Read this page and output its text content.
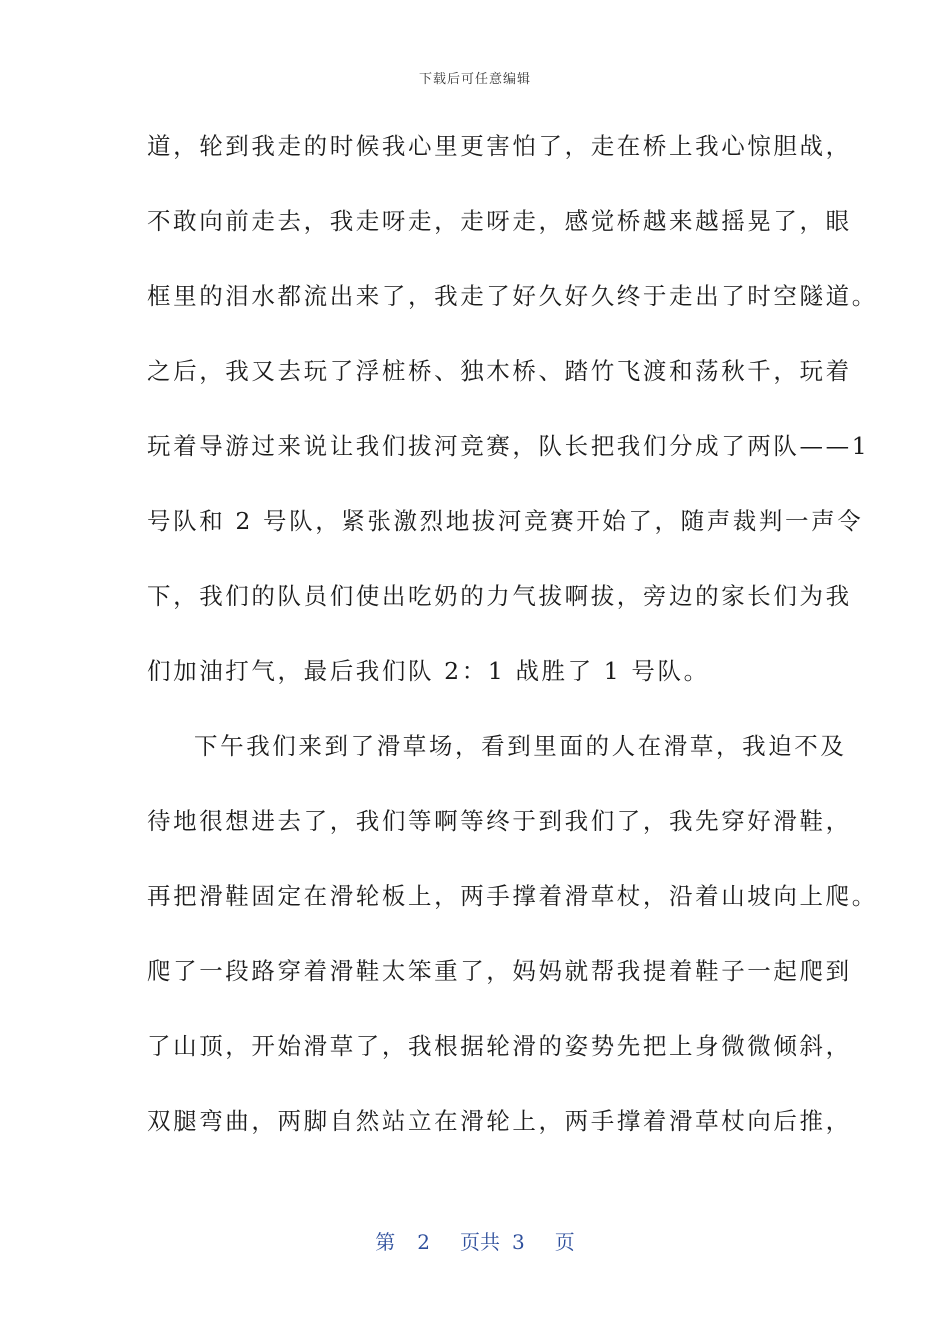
下载后可任意编辑
道，轮到我走的时候我心里更害怕了，走在桥上我心惊胆战，
不敢向前走去，我走呀走，走呀走，感觉桥越来越摇晃了，眼
框里的泪水都流出来了，我走了好久好久终于走出了时空隧道。
之后，我又去玩了浮桩桥、独木桥、踏竹飞渡和荡秋千，玩着
玩着导游过来说让我们拔河竞赛，队长把我们分成了两队——1
号队和 2 号队，紧张激烈地拔河竞赛开始了，随声裁判一声令
下，我们的队员们使出吃奶的力气拔啊拔，旁边的家长们为我
们加油打气，最后我们队 2：1 战胜了 1 号队。
下午我们来到了滑草场，看到里面的人在滑草，我迫不及
待地很想进去了，我们等啊等终于到我们了，我先穿好滑鞋，
再把滑鞋固定在滑轮板上，两手撑着滑草杖，沿着山坡向上爬。
爬了一段路穿着滑鞋太笨重了，妈妈就帮我提着鞋子一起爬到
了山顶，开始滑草了，我根据轮滑的姿势先把上身微微倾斜，
双腿弯曲，两脚自然站立在滑轮上，两手撑着滑草杖向后推，
第 2 页共 3 页
